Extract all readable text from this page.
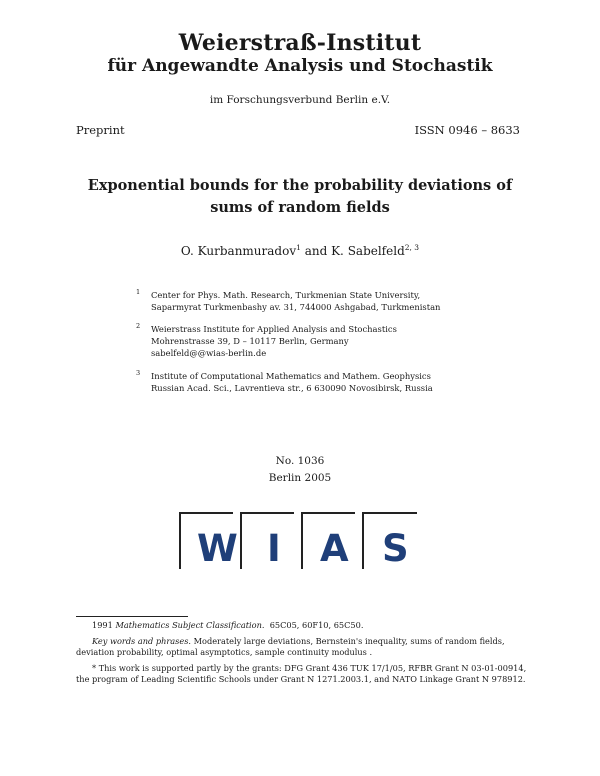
Weierstraß-Institut
für Angewandte Analysis und Stochastik
im Forschungsverbund Berlin e.V.
Preprint	ISSN 0946 – 8633
Exponential bounds for the probability deviations of
sums of random fields
O. Kurbanmuradov$^1$ and K. Sabelfeld$^{2, 3}$
1 Center for Phys. Math. Research, Turkmenian State University,
Saparmyrat Turkmenbashy av. 31, 744000 Ashgabad, Turkmenistan
2 Weierstrass Institute for Applied Analysis and Stochastics
Mohrenstrasse 39, D – 10117 Berlin, Germany
sabelfeld@@wias-berlin.de
3 Institute of Computational Mathematics and Mathem. Geophysics
Russian Acad. Sci., Lavrentieva str., 6 630090 Novosibirsk, Russia
No. 1036
Berlin 2005
W I A S
1991 Mathematics Subject Classification.  65C05, 60F10, 65C50.
Key words and phrases. Moderately large deviations, Bernstein's inequality, sums of random fields, deviation probability, optimal asymptotics, sample continuity modulus .
* This work is supported partly by the grants: DFG Grant 436 TUK 17/1/05, RFBR Grant N 03-01-00914, the program of Leading Scientific Schools under Grant N 1271.2003.1, and NATO Linkage Grant N 978912.
